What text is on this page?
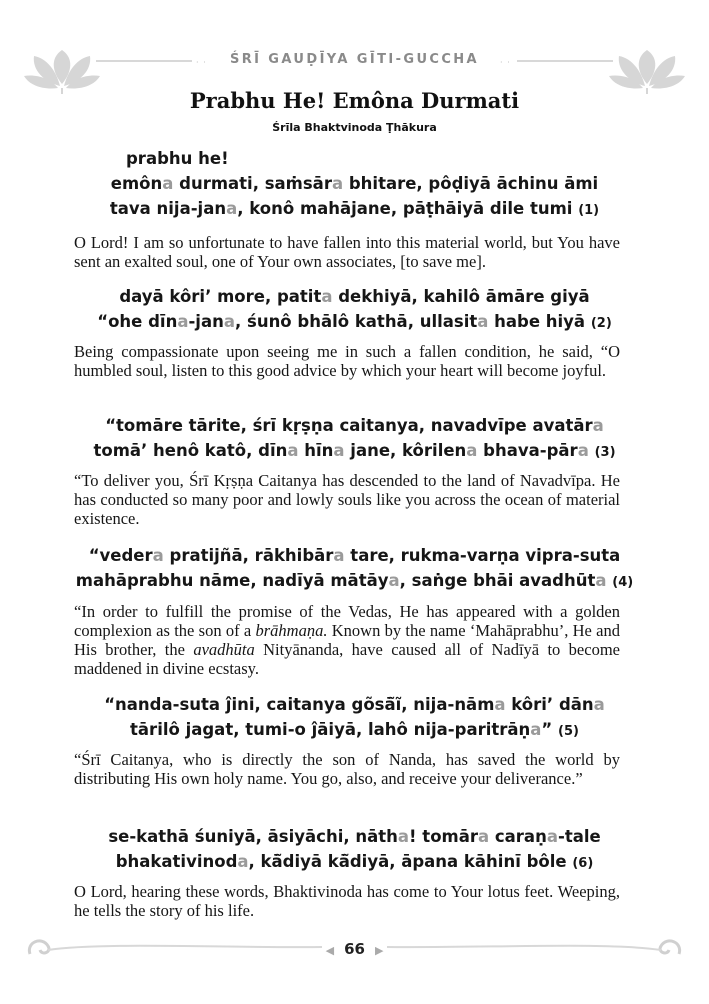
· ·	· ·
ŚRĪ GAUḌĪYA GĪTI-GUCCHA
Prabhu He! Emôna Durmati
Śrīla Bhaktvinoda Ṭhākura
prabhu he!
emôna durmati, saṁsāra bhitare, pôḍiyā āchinu āmi
tava nija-jana, konô mahājane, pāṭhāiyā dile tumi (1)
O Lord! I am so unfortunate to have fallen into this material world, but You have sent an exalted soul, one of Your own associates, [to save me].
dayā kôri’ more, patita dekhiyā, kahilô āmāre giyā
“ohe dīna-jana, śunô bhālô kathā, ullasita habe hiyā (2)
Being compassionate upon seeing me in such a fallen condition, he said, “O humbled soul, listen to this good advice by which your heart will become joyful.
“tomāre tārite, śrī kṛṣṇa caitanya, navadvīpe avatāra
tomā’ henô katô, dīna hīna jane, kôrilena bhava-pāra (3)
“To deliver you, Śrī Kṛṣṇa Caitanya has descended to the land of Navadvīpa. He has conducted so many poor and lowly souls like you across the ocean of material existence.
“vedera pratijñā, rākhibāra tare, rukma-varṇa vipra-suta
mahāprabhu nāme, nadīyā mātāya, saṅge bhāi avadhūta (4)
“In order to fulfill the promise of the Vedas, He has appeared with a golden complexion as the son of a brāhmaṇa. Known by the name ‘Mahāprabhu’, He and His brother, the avadhūta Nityānanda, have caused all of Nadīyā to become maddened in divine ecstasy.
“nanda-suta ĵini, caitanya gõsā̃ĩ, nija-nāma kôri’ dāna
tārilô jagat, tumi-o ĵāiyā, lahô nija-paritrāṇa” (5)
“Śrī Caitanya, who is directly the son of Nanda, has saved the world by distributing His own holy name. You go, also, and receive your deliverance.”
se-kathā śuniyā, āsiyāchi, nātha! tomāra caraṇa-tale
bhakativinoda, kā̃diyā kā̃diyā, āpana kāhinī bôle (6)
O Lord, hearing these words, Bhaktivinoda has come to Your lotus feet. Weeping, he tells the story of his life.
◀ 66 ▶
